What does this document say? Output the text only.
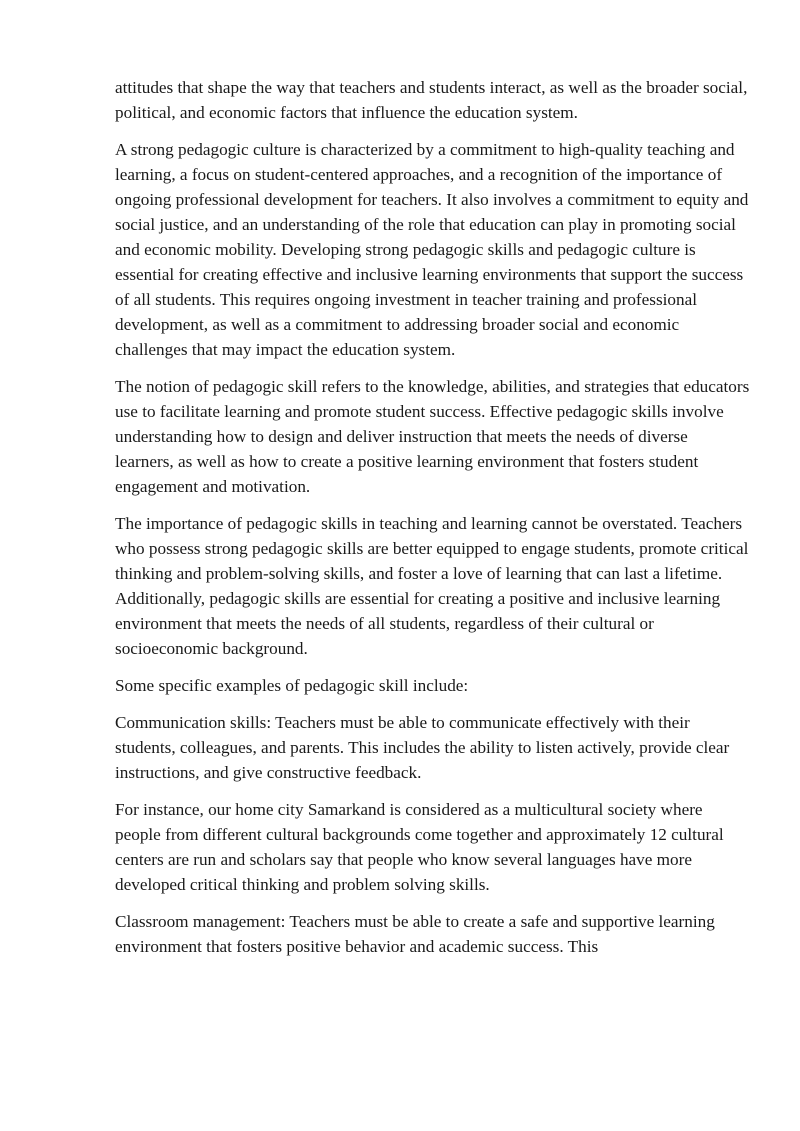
attitudes that shape the way that teachers and students interact, as well as the broader social, political, and economic factors that influence the education system.

A strong pedagogic culture is characterized by a commitment to high-quality teaching and learning, a focus on student-centered approaches, and a recognition of the importance of ongoing professional development for teachers. It also involves a commitment to equity and social justice, and an understanding of the role that education can play in promoting social and economic mobility. Developing strong pedagogic skills and pedagogic culture is essential for creating effective and inclusive learning environments that support the success of all students. This requires ongoing investment in teacher training and professional development, as well as a commitment to addressing broader social and economic challenges that may impact the education system.

The notion of pedagogic skill refers to the knowledge, abilities, and strategies that educators use to facilitate learning and promote student success. Effective pedagogic skills involve understanding how to design and deliver instruction that meets the needs of diverse learners, as well as how to create a positive learning environment that fosters student engagement and motivation.

The importance of pedagogic skills in teaching and learning cannot be overstated. Teachers who possess strong pedagogic skills are better equipped to engage students, promote critical thinking and problem-solving skills, and foster a love of learning that can last a lifetime. Additionally, pedagogic skills are essential for creating a positive and inclusive learning environment that meets the needs of all students, regardless of their cultural or socioeconomic background.

Some specific examples of pedagogic skill include:

Communication skills: Teachers must be able to communicate effectively with their students, colleagues, and parents. This includes the ability to listen actively, provide clear instructions, and give constructive feedback.

For instance, our home city Samarkand is considered as a multicultural society where people from different cultural backgrounds come together and approximately 12 cultural centers are run and scholars say that people who know several languages have more developed critical thinking and problem solving skills.

Classroom management: Teachers must be able to create a safe and supportive learning environment that fosters positive behavior and academic success. This
